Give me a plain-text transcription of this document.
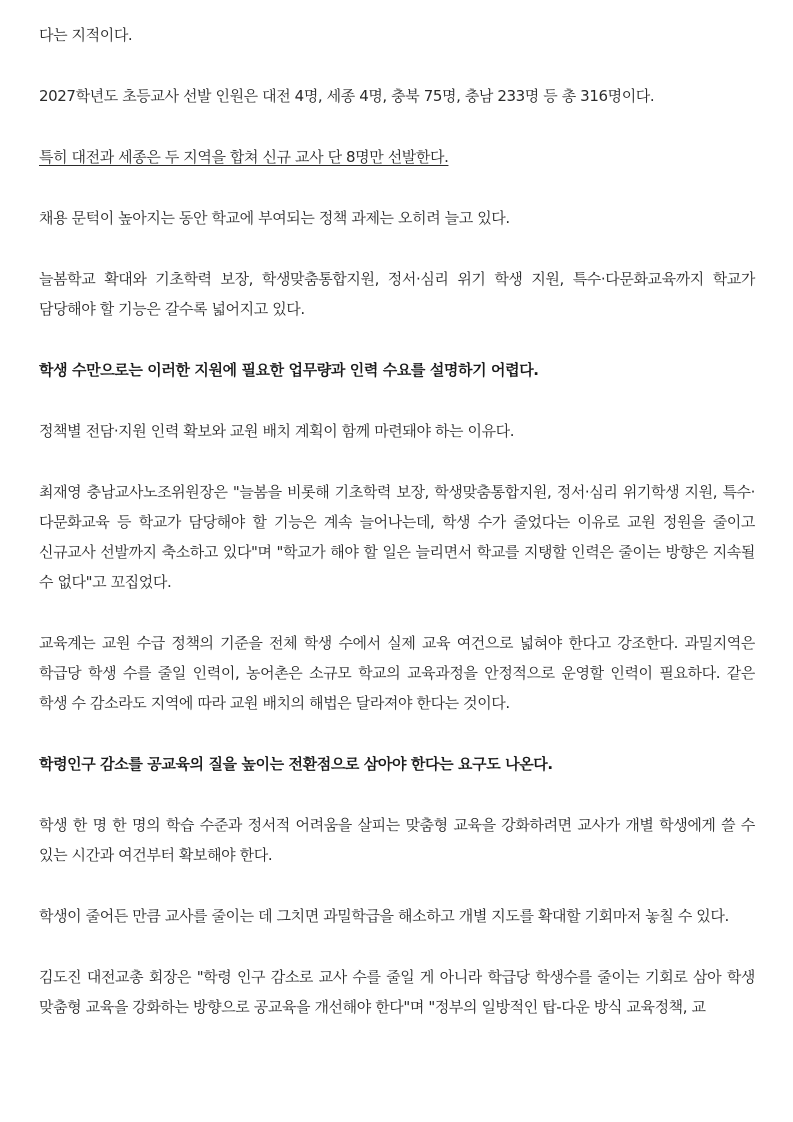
다는 지적이다.

2027학년도 초등교사 선발 인원은 대전 4명, 세종 4명, 충북 75명, 충남 233명 등 총 316명이다.

특히 대전과 세종은 두 지역을 합쳐 신규 교사 단 8명만 선발한다.

채용 문턱이 높아지는 동안 학교에 부여되는 정책 과제는 오히려 늘고 있다.

늘봄학교 확대와 기초학력 보장, 학생맞춤통합지원, 정서·심리 위기 학생 지원, 특수·다문화교육까지 학교가 담당해야 할 기능은 갈수록 넓어지고 있다.

학생 수만으로는 이러한 지원에 필요한 업무량과 인력 수요를 설명하기 어렵다.

정책별 전담·지원 인력 확보와 교원 배치 계획이 함께 마련돼야 하는 이유다.

최재영 충남교사노조위원장은 "늘봄을 비롯해 기초학력 보장, 학생맞춤통합지원, 정서·심리 위기학생 지원, 특수·다문화교육 등 학교가 담당해야 할 기능은 계속 늘어나는데, 학생 수가 줄었다는 이유로 교원 정원을 줄이고 신규교사 선발까지 축소하고 있다"며 "학교가 해야 할 일은 늘리면서 학교를 지탱할 인력은 줄이는 방향은 지속될 수 없다"고 꼬집었다.

교육계는 교원 수급 정책의 기준을 전체 학생 수에서 실제 교육 여건으로 넓혀야 한다고 강조한다. 과밀지역은 학급당 학생 수를 줄일 인력이, 농어촌은 소규모 학교의 교육과정을 안정적으로 운영할 인력이 필요하다. 같은 학생 수 감소라도 지역에 따라 교원 배치의 해법은 달라져야 한다는 것이다.

학령인구 감소를 공교육의 질을 높이는 전환점으로 삼아야 한다는 요구도 나온다.

학생 한 명 한 명의 학습 수준과 정서적 어려움을 살피는 맞춤형 교육을 강화하려면 교사가 개별 학생에게 쓸 수 있는 시간과 여건부터 확보해야 한다.

학생이 줄어든 만큼 교사를 줄이는 데 그치면 과밀학급을 해소하고 개별 지도를 확대할 기회마저 놓칠 수 있다.

김도진 대전교총 회장은 "학령 인구 감소로 교사 수를 줄일 게 아니라 학급당 학생수를 줄이는 기회로 삼아 학생 맞춤형 교육을 강화하는 방향으로 공교육을 개선해야 한다"며 "정부의 일방적인 탑-다운 방식 교육정책, 교
